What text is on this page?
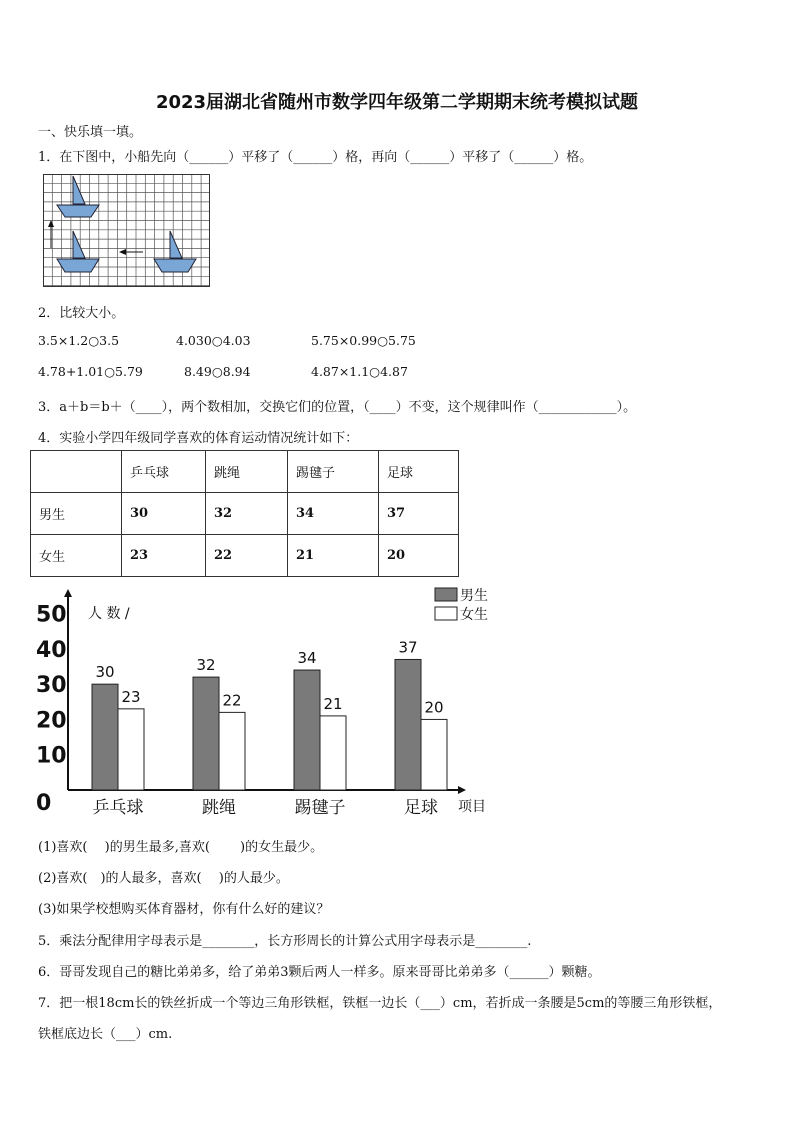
2023届湖北省随州市数学四年级第二学期期末统考模拟试题
一、快乐填一填。
1．在下图中，小船先向（______）平移了（______）格，再向（______）平移了（______）格。
2．比较大小。
3.5×1.2○3.5	4.030○4.03	5.75×0.99○5.75
4.78+1.01○5.79	8.49○8.94	4.87×1.1○4.87
3．a＋b＝b＋（____），两个数相加，交换它们的位置，（____）不变，这个规律叫作（____________）。
4．实验小学四年级同学喜欢的体育运动情况统计如下：
	乒乓球	跳绳	踢毽子	足球
男生	30	32	34	37
女生	23	22	21	20
0
10
20
30
40
50 人 数 /
30
23
乒乓球
32
22
跳绳
34
21
踢毽子
37
20
足球 项目
男生
女生
(1)喜欢(　 )的男生最多,喜欢(　　 )的女生最少。
(2)喜欢(　)的人最多，喜欢(　 )的人最少。
(3)如果学校想购买体育器材，你有什么好的建议？
5．乘法分配律用字母表示是________，长方形周长的计算公式用字母表示是________.
6．哥哥发现自己的糖比弟弟多，给了弟弟3颗后两人一样多。原来哥哥比弟弟多（______）颗糖。
7．把一根18cm长的铁丝折成一个等边三角形铁框，铁框一边长（___）cm，若折成一条腰是5cm的等腰三角形铁框，
铁框底边长（___）cm.
